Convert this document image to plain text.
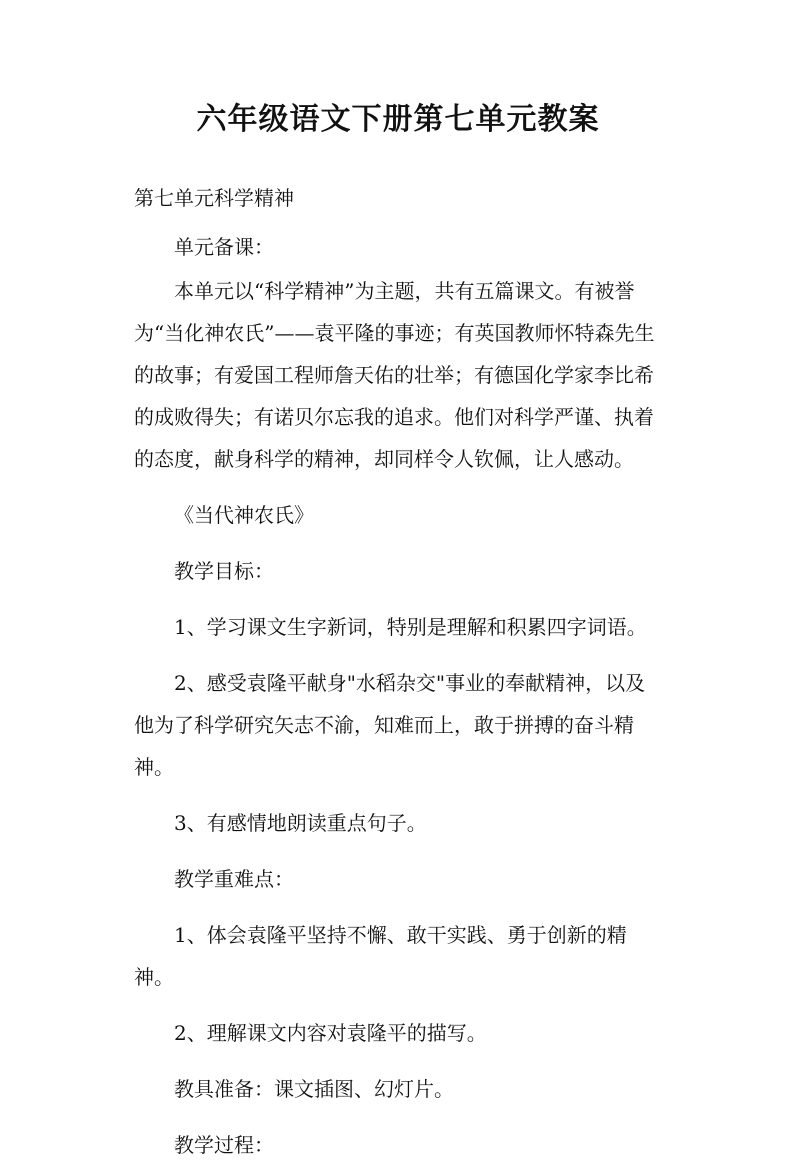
六年级语文下册第七单元教案
第七单元科学精神
单元备课：
本单元以“科学精神”为主题，共有五篇课文。有被誉为“当化神农氏”——袁平隆的事迹；有英国教师怀特森先生的故事；有爱国工程师詹天佑的壮举；有德国化学家李比希的成败得失；有诺贝尔忘我的追求。他们对科学严谨、执着的态度，献身科学的精神，却同样令人钦佩，让人感动。
《当代神农氏》
教学目标：
1、学习课文生字新词，特别是理解和积累四字词语。
2、感受袁隆平献身"水稻杂交"事业的奉献精神，以及他为了科学研究矢志不渝，知难而上，敢于拼搏的奋斗精神。
3、有感情地朗读重点句子。
教学重难点：
1、体会袁隆平坚持不懈、敢干实践、勇于创新的精神。
2、理解课文内容对袁隆平的描写。
教具准备：课文插图、幻灯片。
教学过程：
